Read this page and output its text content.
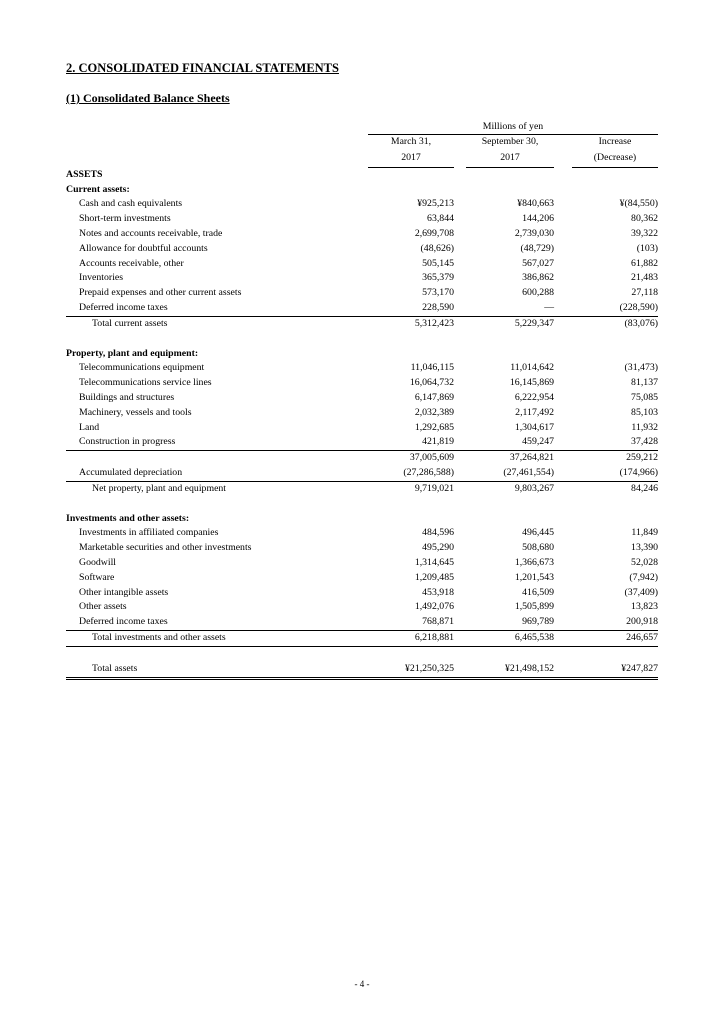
2. CONSOLIDATED FINANCIAL STATEMENTS
(1) Consolidated Balance Sheets
	Millions of yen				
	March 31,		September 30,		Increase
	2017		2017		(Decrease)
ASSETS					
Current assets:					
Cash and cash equivalents	¥925,213		¥840,663		¥(84,550)
Short-term investments	63,844		144,206		80,362
Notes and accounts receivable, trade	2,699,708		2,739,030		39,322
Allowance for doubtful accounts	(48,626)		(48,729)		(103)
Accounts receivable, other	505,145		567,027		61,882
Inventories	365,379		386,862		21,483
Prepaid expenses and other current assets	573,170		600,288		27,118
Deferred income taxes	228,590		—		(228,590)
Total current assets	5,312,423		5,229,347		(83,076)

Property, plant and equipment:					
Telecommunications equipment	11,046,115		11,014,642		(31,473)
Telecommunications service lines	16,064,732		16,145,869		81,137
Buildings and structures	6,147,869		6,222,954		75,085
Machinery, vessels and tools	2,032,389		2,117,492		85,103
Land	1,292,685		1,304,617		11,932
Construction in progress	421,819		459,247		37,428
	37,005,609		37,264,821		259,212
Accumulated depreciation	(27,286,588)		(27,461,554)		(174,966)
Net property, plant and equipment	9,719,021		9,803,267		84,246

Investments and other assets:					
Investments in affiliated companies	484,596		496,445		11,849
Marketable securities and other investments	495,290		508,680		13,390
Goodwill	1,314,645		1,366,673		52,028
Software	1,209,485		1,201,543		(7,942)
Other intangible assets	453,918		416,509		(37,409)
Other assets	1,492,076		1,505,899		13,823
Deferred income taxes	768,871		969,789		200,918
Total investments and other assets	6,218,881		6,465,538		246,657

Total assets	¥21,250,325		¥21,498,152		¥247,827
- 4 -
